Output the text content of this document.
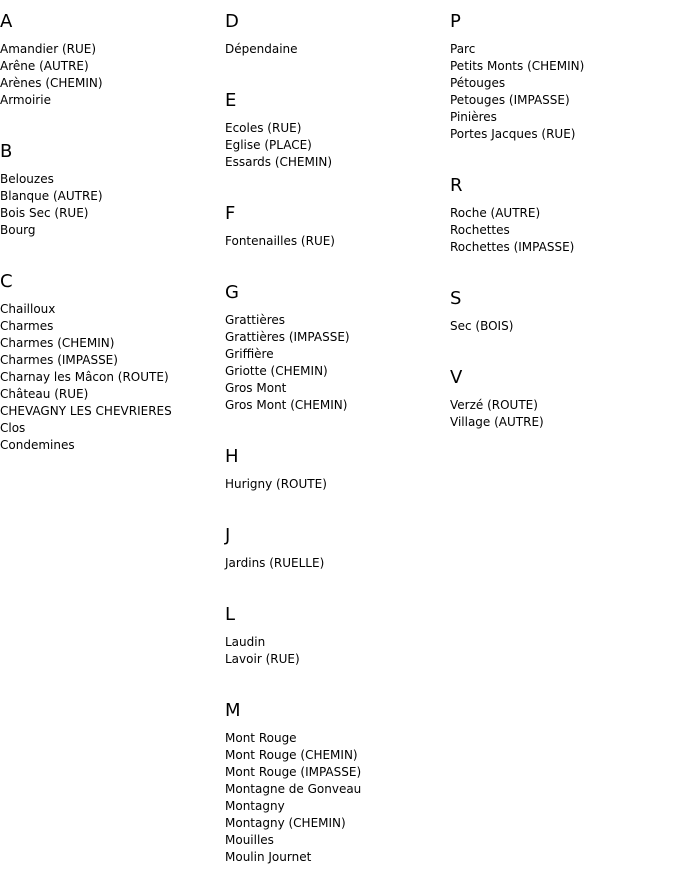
A
Amandier (RUE)
Arêne (AUTRE)
Arènes (CHEMIN)
Armoirie
B
Belouzes
Blanque (AUTRE)
Bois Sec (RUE)
Bourg
C
Chailloux
Charmes
Charmes (CHEMIN)
Charmes (IMPASSE)
Charnay les Mâcon (ROUTE)
Château (RUE)
CHEVAGNY LES CHEVRIERES
Clos
Condemines
D
Dépendaine
E
Ecoles (RUE)
Eglise (PLACE)
Essards (CHEMIN)
F
Fontenailles (RUE)
G
Grattières
Grattières (IMPASSE)
Griffière
Griotte (CHEMIN)
Gros Mont
Gros Mont (CHEMIN)
H
Hurigny (ROUTE)
J
Jardins (RUELLE)
L
Laudin
Lavoir (RUE)
M
Mont Rouge
Mont Rouge (CHEMIN)
Mont Rouge (IMPASSE)
Montagne de Gonveau
Montagny
Montagny (CHEMIN)
Mouilles
Moulin Journet
P
Parc
Petits Monts (CHEMIN)
Pétouges
Petouges (IMPASSE)
Pinières
Portes Jacques (RUE)
R
Roche (AUTRE)
Rochettes
Rochettes (IMPASSE)
S
Sec (BOIS)
V
Verzé (ROUTE)
Village (AUTRE)
